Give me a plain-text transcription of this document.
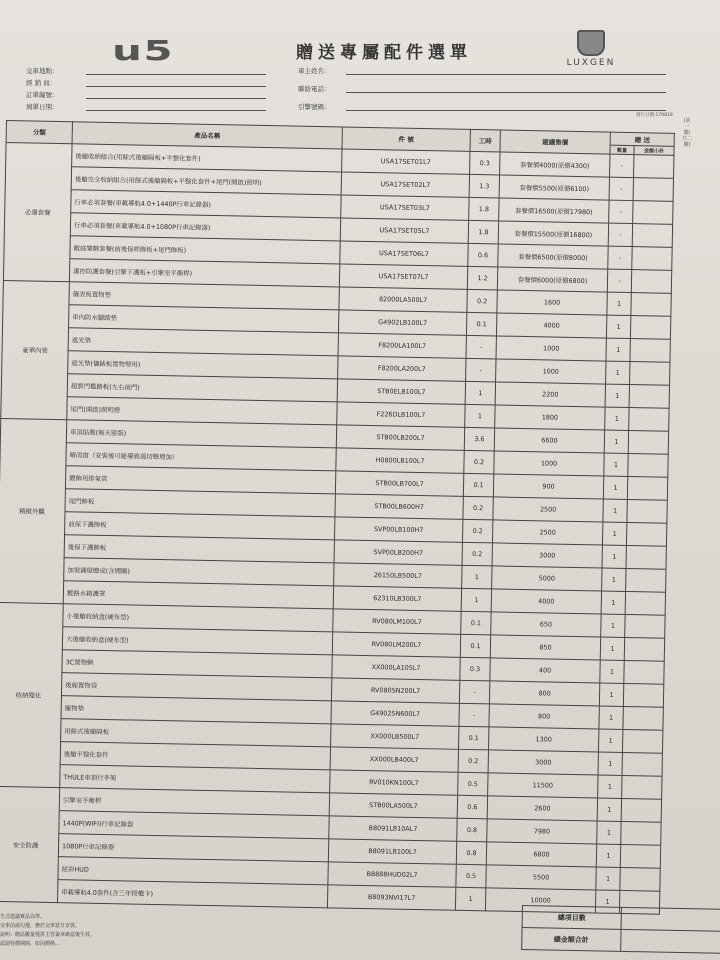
u5	贈送專屬配件選單	LUXGEN
交車地點：
經 銷 商：
訂單編號：
填單日期：
車主姓名：
聯絡電話：
引擎號碼：
發行日期:170818
分類	產品名稱	件 號	工時	建議售價	贈 送	
					數量	金額小計
必選套餐	後艙收納組合(用餘式後艙隔板+平整化套件)	USA17SET01L7	0.3	套餐價4000(原價4300)	-	
	後艙完全收納組合(用餘式後艙隔板+平整化套件+尾門(開啟)照明)	USA17SET02L7	1.3	套餐價5500(原價6100)	-	
	行車必須套餐(車載導航4.0+1440P行車記錄器)	USA17SET03L7	1.8	套餐價16500(原價17980)	-	
	行車必須套餐(車載導航4.0+1080P行車記錄器)	USA17SET05L7	1.8	套餐價15500(原價16800)	-	
	敞庭樂騎套餐(前後保桿飾板+尾門飾板)	USA17SET06L7	0.6	套餐價6500(原價8000)	-	
	潔控防護套餐(引擎下護板+引擎室平衡桿)	USA17SET07L7	1.2	套餐價6000(原價6800)	-	
豪華內裝	儀表板置物墊	82000LA500L7	0.2	1600	1	
	車內防水腳踏墊	G4902LB100L7	0.1	4000	1	
	遮光墊	F8200LA100L7	-	1000	1	
	遮光墊(儀錶板置物墊用)	F8200LA200L7	-	1000	1	
	超質門檻踏板(左右前門)	STB0ELB100L7	1	2200	1	
	尾門(開啟)照明燈	F226DLB100L7	1	1800	1	
精緻外觀	車頂貼膜(無天窗版)	STB00LB200L7	3.6	6600	1	
	晴雨窗（安裝後可能導致風切聲增加）	H0800LB100L7	0.2	1000	1	
	鍍飾用排氣管	STB00LB700L7	0.1	900	1	
	尾門飾板	STB00LB600H7	0.2	2500	1	
	前保下護飾板	SVP00LB100H7	0.2	2500	1	
	後保下護飾板	SVP00LB200H7	0.2	3000	1	
	加裝霧燈總成(含開關)	26150LB500L7	1	5000	1	
	鍍鉻水箱護罩	62310LB300L7	1	4000	1	
收納變化	小後艙收納盒(硬布型)	RV080LM100L7	0.1	650	1	
	大後艙收納盒(硬布型)	RV080LM200L7	0.1	850	1	
	3C置物網	XX000LA105L7	0.3	400	1	
	後廂置物袋	RV080SN200L7	-	800	1	
	寵物墊	G4902SN600L7	-	800	1	
	用餘式後艙隔板	XX000LB500L7	0.1	1300	1	
	後艙平整化套件	XX000LB400L7	0.2	3000	1	
	THULE車頂行李架	RV010KN100L7	0.5	11500	1	
安全防護	引擎室平衡桿	STB00LA500L7	0.6	2600	1	
	1440P(WIFI)行車記錄器	B8091LB10AL7	0.8	7980	1	
	1080P行車記錄器	B8091LB100L7	0.8	6800	1	
	炫彩HUD	B8888HUD02L7	0.5	5500	1	
	車載導航4.0套件(含三年授權卡)	B8093NVI17L7	1	10000	1	
(第一聯/共二聯)
總項目數	
總金額合計	
告式建議實品為準。
交車前請勾選，務於交車當日安裝。
說明：贈品數量僅供主管簽章確認後生效。
認證特價期間，如因價格…
